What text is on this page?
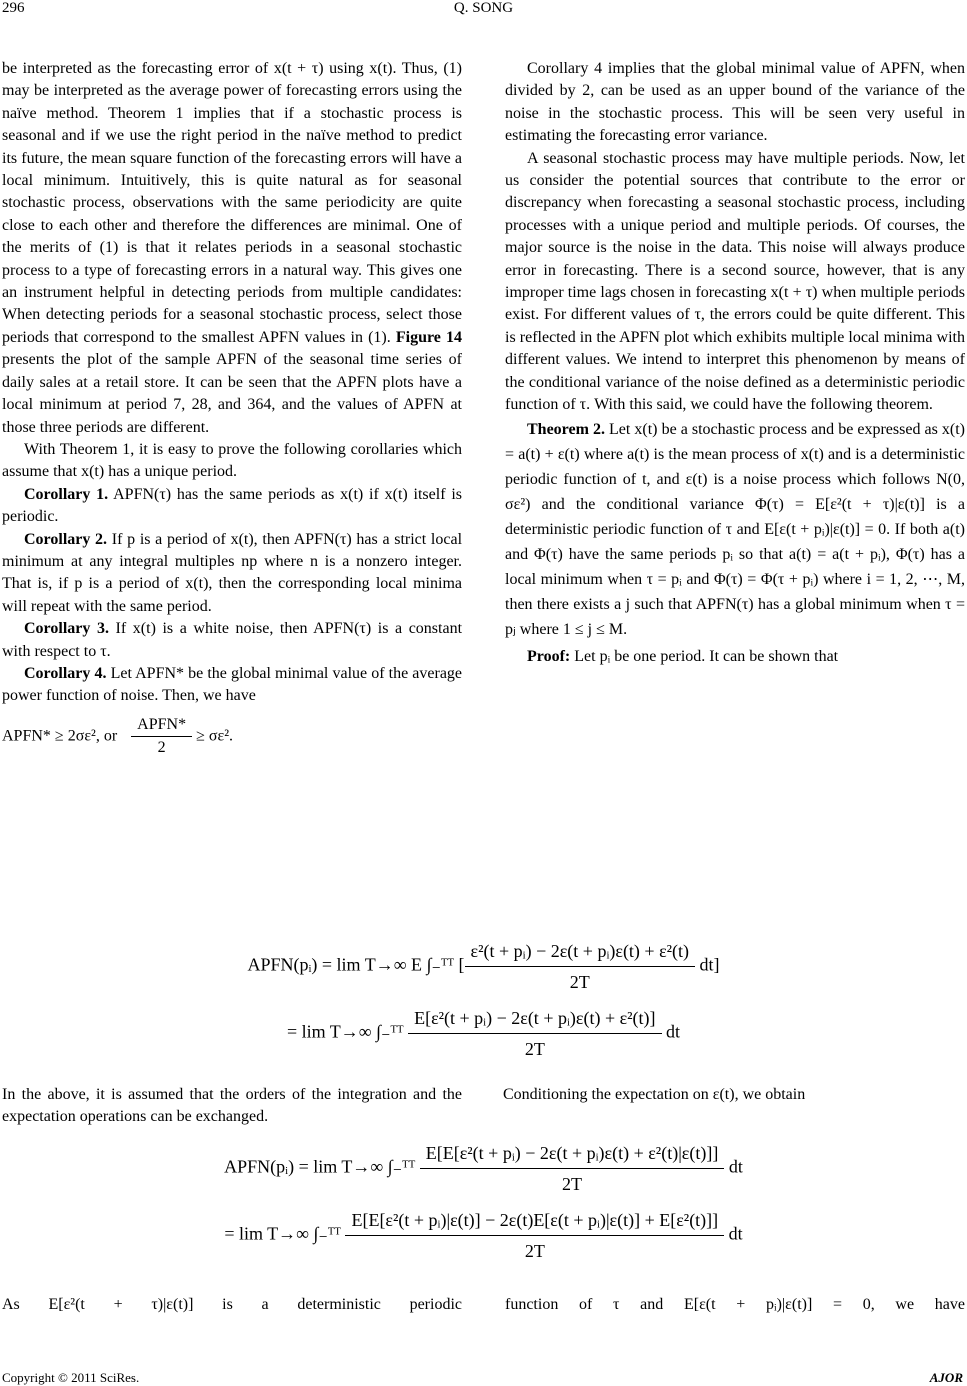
296	Q. SONG

be interpreted as the forecasting error of x(t + τ) using x(t). Thus, (1) may be interpreted as the average power of forecasting errors using the naïve method. Theorem 1 implies that if a stochastic process is seasonal and if we use the right period in the naïve method to predict its future, the mean square function of the forecasting errors will have a local minimum. Intuitively, this is quite natural as for seasonal stochastic process, observations with the same periodicity are quite close to each other and therefore the differences are minimal. One of the merits of (1) is that it relates periods in a seasonal stochastic process to a type of forecasting errors in a natural way. This gives one an instrument helpful in detecting periods from multiple candidates: When detecting periods for a seasonal stochastic process, select those periods that correspond to the smallest APFN values in (1). Figure 14 presents the plot of the sample APFN of the seasonal time series of daily sales at a retail store. It can be seen that the APFN plots have a local minimum at period 7, 28, and 364, and the values of APFN at those three periods are different.

With Theorem 1, it is easy to prove the following corollaries which assume that x(t) has a unique period.

Corollary 1. APFN(τ) has the same periods as x(t) if x(t) itself is periodic.

Corollary 2. If p is a period of x(t), then APFN(τ) has a strict local minimum at any integral multiples np where n is a nonzero integer. That is, if p is a period of x(t), then the corresponding local minima will repeat with the same period.

Corollary 3. If x(t) is a white noise, then APFN(τ) is a constant with respect to τ.

Corollary 4. Let APFN* be the global minimal value of the average power function of noise. Then, we have

APFN* ≥ 2σε², or $\frac{\text{APFN*}}{2} \ge \sigma\varepsilon^2$.

Corollary 4 implies that the global minimal value of APFN, when divided by 2, can be used as an upper bound of the variance of the noise in the stochastic process. This will be seen very useful in estimating the forecasting error variance.

A seasonal stochastic process may have multiple periods. Now, let us consider the potential sources that contribute to the error or discrepancy when forecasting a seasonal stochastic process, including processes with a unique period and multiple periods. Of courses, the major source is the noise in the data. This noise will always produce error in forecasting. There is a second source, however, that is any improper time lags chosen in forecasting x(t + τ) when multiple periods exist. For different values of τ, the errors could be quite different. This is reflected in the APFN plot which exhibits multiple local minima with different values. We intend to interpret this phenomenon by means of the conditional variance of the noise defined as a deterministic periodic function of τ. With this said, we could have the following theorem.

Theorem 2. Let x(t) be a stochastic process and be expressed as x(t) = a(t) + ε(t) where a(t) is the mean process of x(t) and is a deterministic periodic function of t, and ε(t) is a noise process which follows N(0, σε²) and the conditional variance Φ(τ) = E[ε²(t + τ)|ε(t)] is a deterministic periodic function of τ and E[ε(t + pᵢ)|ε(t)] = 0. If both a(t) and Φ(τ) have the same periods pᵢ so that a(t) = a(t + pᵢ), Φ(τ) has a local minimum when τ = pᵢ and Φ(τ) = Φ(τ + pᵢ) where i = 1, 2, ⋯, M, then there exists a j such that APFN(τ) has a global minimum when τ = pⱼ where 1 ≤ j ≤ M.

Proof: Let pᵢ be one period. It can be shown that

APFN(pᵢ) = lim T→∞ E ∫₋ᵀᵀ [ $\frac{\text{ε²(t + pᵢ) − 2ε(t + pᵢ)ε(t) + ε²(t)}}{2T} dt$]
= lim T→∞ ∫₋ᵀᵀ $\frac{\text{E[ε²(t + pᵢ) − 2ε(t + pᵢ)ε(t) + ε²(t)]}}{2T}$ dt
In the above, it is assumed that the orders of the integration and the expectation operations can be exchanged.
Conditioning the expectation on ε(t), we obtain
APFN(pᵢ) = lim T→∞ ∫₋ᵀᵀ $\frac{\text{E[E[ε²(t + pᵢ) − 2ε(t + pᵢ)ε(t) + ε²(t)|ε(t)]]}}{2T}$ dt
= lim T→∞ ∫₋ᵀᵀ $\frac{\text{E[E[ε²(t + pᵢ)|ε(t)] − 2ε(t)E[ε(t + pᵢ)|ε(t)] + E[ε²(t)]]}}{2T}$ dt
As E[ε²(t + τ)|ε(t)] is a deterministic periodic	function of τ and E[ε(t + pᵢ)|ε(t)] = 0, we have
Copyright © 2011 SciRes.	AJOR
